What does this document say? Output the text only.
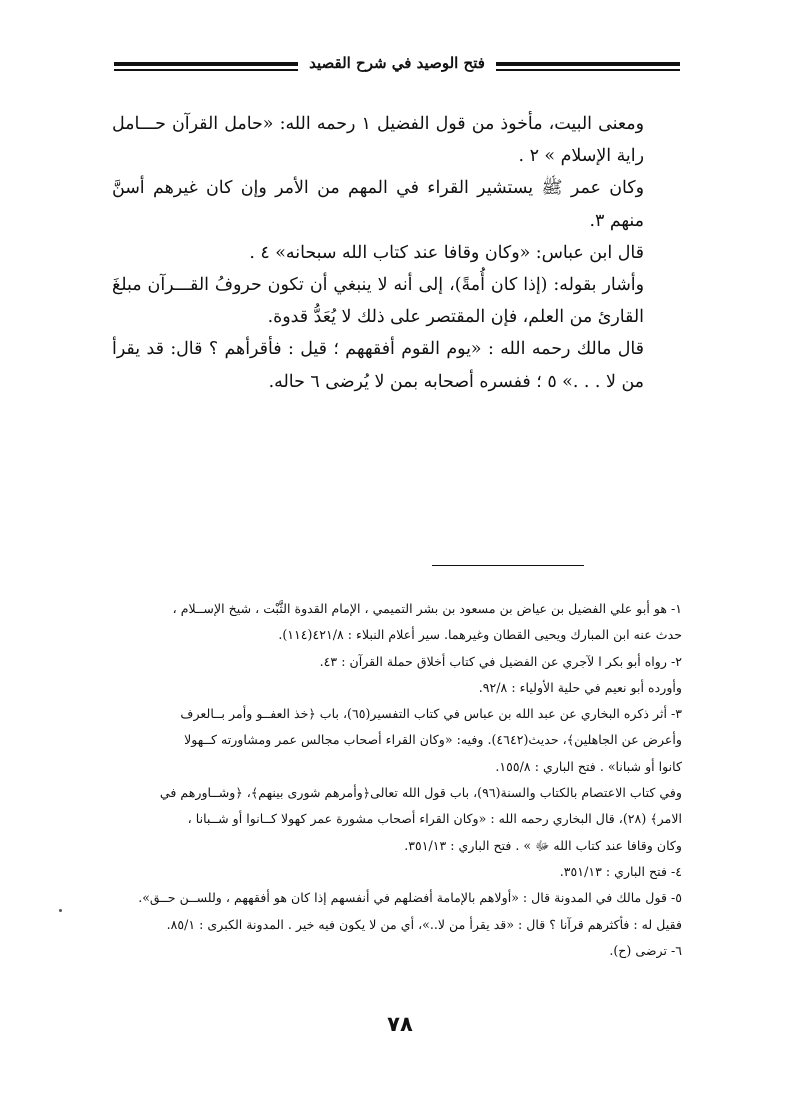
فتح الوصيد في شرح القصيد

ومعنى البيت، مأخوذ من قول الفضيل ١ رحمه الله: «حامل القرآن حـــامل راية الإسلام » ٢ .

وكان عمر ﷺ يستشير القراء في المهم من الأمر وإن كان غيرهم أسنَّ منهم ٣.

قال ابن عباس: «وكان وقافا عند كتاب الله سبحانه» ٤ .

وأشار بقوله: (إذا كان أُمةً)، إلى أنه لا ينبغي أن تكون حروفُ القـــرآن مبلغَ القارئ من العلم، فإن المقتصر على ذلك لا يُعَدُّ قدوة.

قال مالك رحمه الله : «يوم القوم أفقههم ؛ قيل : فأقرأهم ؟ قال: قد يقرأ من لا . . .» ٥ ؛ ففسره أصحابه بمن لا يُرضى ٦ حاله.

١- هو أبو علي الفضيل بن عياض بن مسعود بن بشر التميمي ، الإمام القدوة الثَّبْت ، شيخ الإســلام ،

حدث عنه ابن المبارك ويحيى القطان وغيرهما. سير أعلام النبلاء : ٤٢١/٨(١١٤).

٢- رواه أبو بكر ا لآجري عن الفضيل في كتاب أخلاق حملة القرآن : ٤٣.

وأورده أبو نعيم في حلية الأولياء : ٩٢/٨.

٣- أثر ذكره البخاري عن عبد الله بن عباس في كتاب التفسير(٦٥)، باب ﴿خذ العفــو وأمر بــالعرف

وأعرض عن الجاهلين﴾، حديث(٤٦٤٢). وفيه: «وكان القراء أصحاب مجالس عمر ومشاورته كــهولا

كانوا أو شبانا» . فتح الباري : ١٥٥/٨.

وفي كتاب الاعتصام بالكتاب والسنة(٩٦)، باب قول الله تعالى﴿وأمرهم شورى بينهم﴾، ﴿وشــاورهم في

الامر﴾ (٢٨)، قال البخاري رحمه الله : «وكان القراء أصحاب مشورة عمر كهولا كــانوا أو شــبانا ،

وكان وقافا عند كتاب الله ﷻ » . فتح الباري : ٣٥١/١٣.

٤- فتح الباري : ٣٥١/١٣.

٥- قول مالك في المدونة قال : «أولاهم بالإمامة أفضلهم في أنفسهم إذا كان هو أفقههم ، وللســن حــق».

فقيل له : فأكثرهم قرآنا ؟ قال : «قد يقرأ من لا..»، أي من لا يكون فيه خير . المدونة الكبرى : ٨٥/١.

٦- ترضى (ح).

٧٨
